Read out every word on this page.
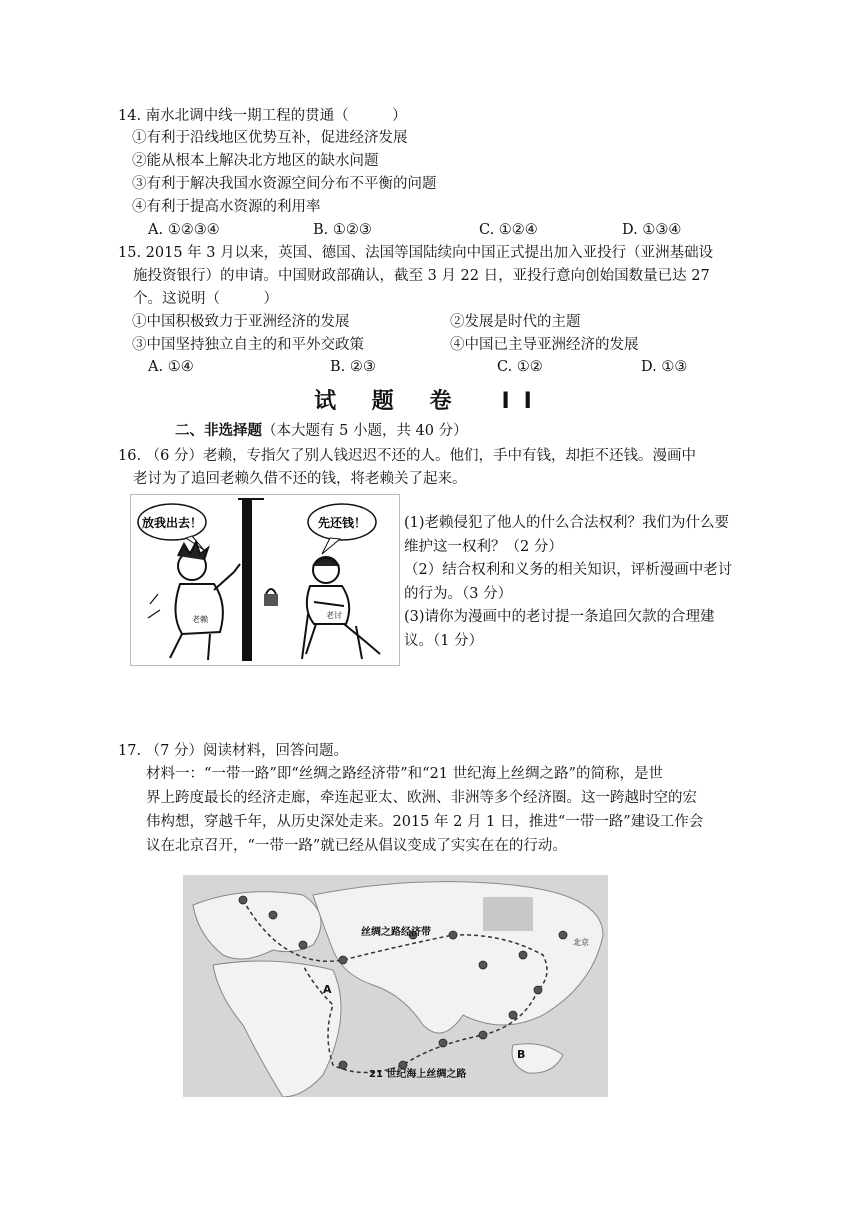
14. 南水北调中线一期工程的贯通（　　　）
①有利于沿线地区优势互补，促进经济发展
②能从根本上解决北方地区的缺水问题
③有利于解决我国水资源空间分布不平衡的问题
④有利于提高水资源的利用率
A. ①②③④	B. ①②③	C. ①②④	D. ①③④
15. 2015 年 3 月以来，英国、德国、法国等国陆续向中国正式提出加入亚投行（亚洲基础设
施投资银行）的申请。中国财政部确认，截至 3 月 22 日，亚投行意向创始国数量已达 27
个。这说明（　　　）
①中国积极致力于亚洲经济的发展	②发展是时代的主题
③中国坚持独立自主的和平外交政策	④中国已主导亚洲经济的发展
A. ①④	B. ②③	C. ①②	D. ①③
试 题 卷　II
二、非选择题（本大题有 5 小题，共 40 分）
16. （6 分）老赖，专指欠了别人钱迟迟不还的人。他们，手中有钱，却拒不还钱。漫画中
老讨为了追回老赖久借不还的钱，将老赖关了起来。
放我出去！	先还钱！
老赖	老讨
(1)老赖侵犯了他人的什么合法权利？我们为什么要维护这一权利？（2 分）
（2）结合权利和义务的相关知识，评析漫画中老讨的行为。（3 分）
(3)请你为漫画中的老讨提一条追回欠款的合理建议。（1 分）
17. （7 分）阅读材料，回答问题。
材料一：“一带一路”即“丝绸之路经济带”和“21 世纪海上丝绸之路”的简称，是世
界上跨度最长的经济走廊，牵连起亚太、欧洲、非洲等多个经济圈。这一跨越时空的宏
伟构想，穿越千年，从历史深处走来。2015 年 2 月 1 日，推进“一带一路”建设工作会
议在北京召开，“一带一路”就已经从倡议变成了实实在在的行动。
丝绸之路经济带
21 世纪海上丝绸之路
A
B
北京
